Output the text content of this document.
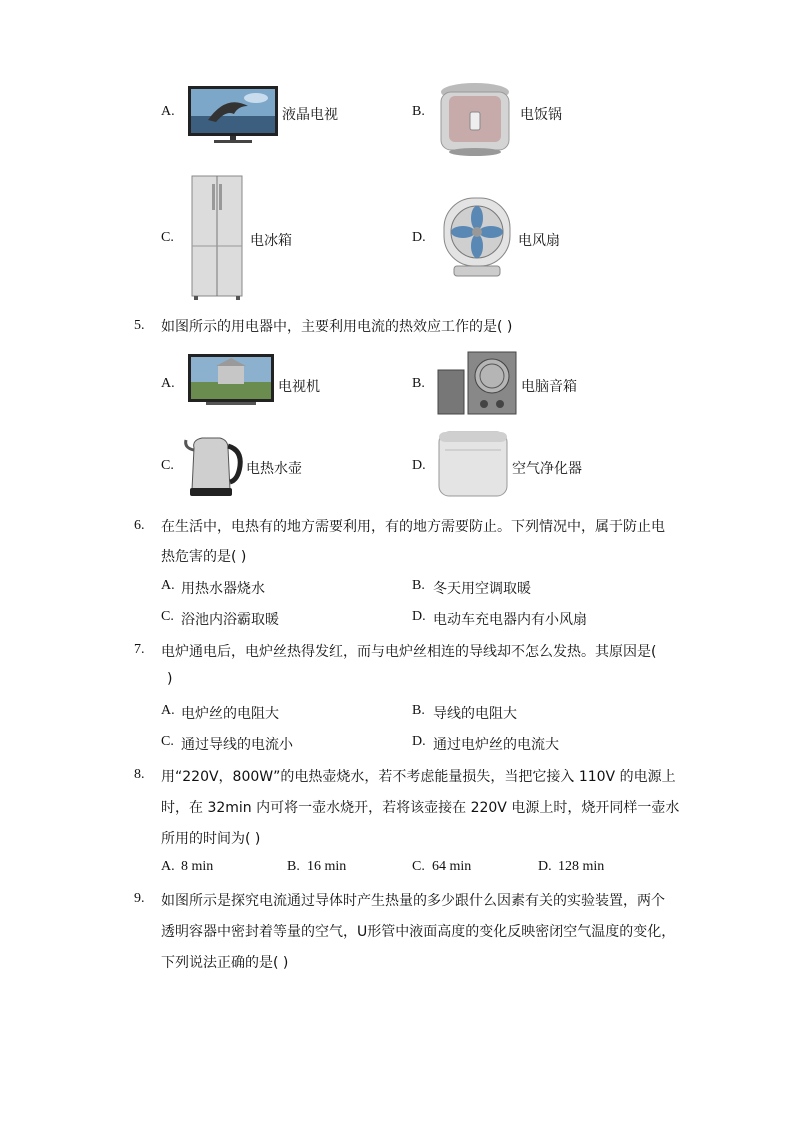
A.	液晶电视	B.	电饭锅
C.	电冰箱	D.	电风扇
5. 如图所示的用电器中，主要利用电流的热效应工作的是( )
A.	电视机	B.	电脑音箱
C.	电热水壶	D.	空气净化器
6. 在生活中，电热有的地方需要利用，有的地方需要防止。下列情况中，属于防止电
热危害的是( )
A. 用热水器烧水	B. 冬天用空调取暖
C. 浴池内浴霸取暖	D. 电动车充电器内有小风扇
7. 电炉通电后，电炉丝热得发红，而与电炉丝相连的导线却不怎么发热。其原因是(
)
A. 电炉丝的电阻大	B. 导线的电阻大
C. 通过导线的电流小	D. 通过电炉丝的电流大
8. 用“220V，800W”的电热壶烧水，若不考虑能量损失，当把它接入 110V 的电源上
时，在 32min 内可将一壶水烧开，若将该壶接在 220V 电源上时，烧开同样一壶水
所用的时间为( )
A. 8 min	B. 16 min	C. 64 min	D. 128 min
9. 如图所示是探究电流通过导体时产生热量的多少跟什么因素有关的实验装置，两个
透明容器中密封着等量的空气，U形管中液面高度的变化反映密闭空气温度的变化，
下列说法正确的是( )
